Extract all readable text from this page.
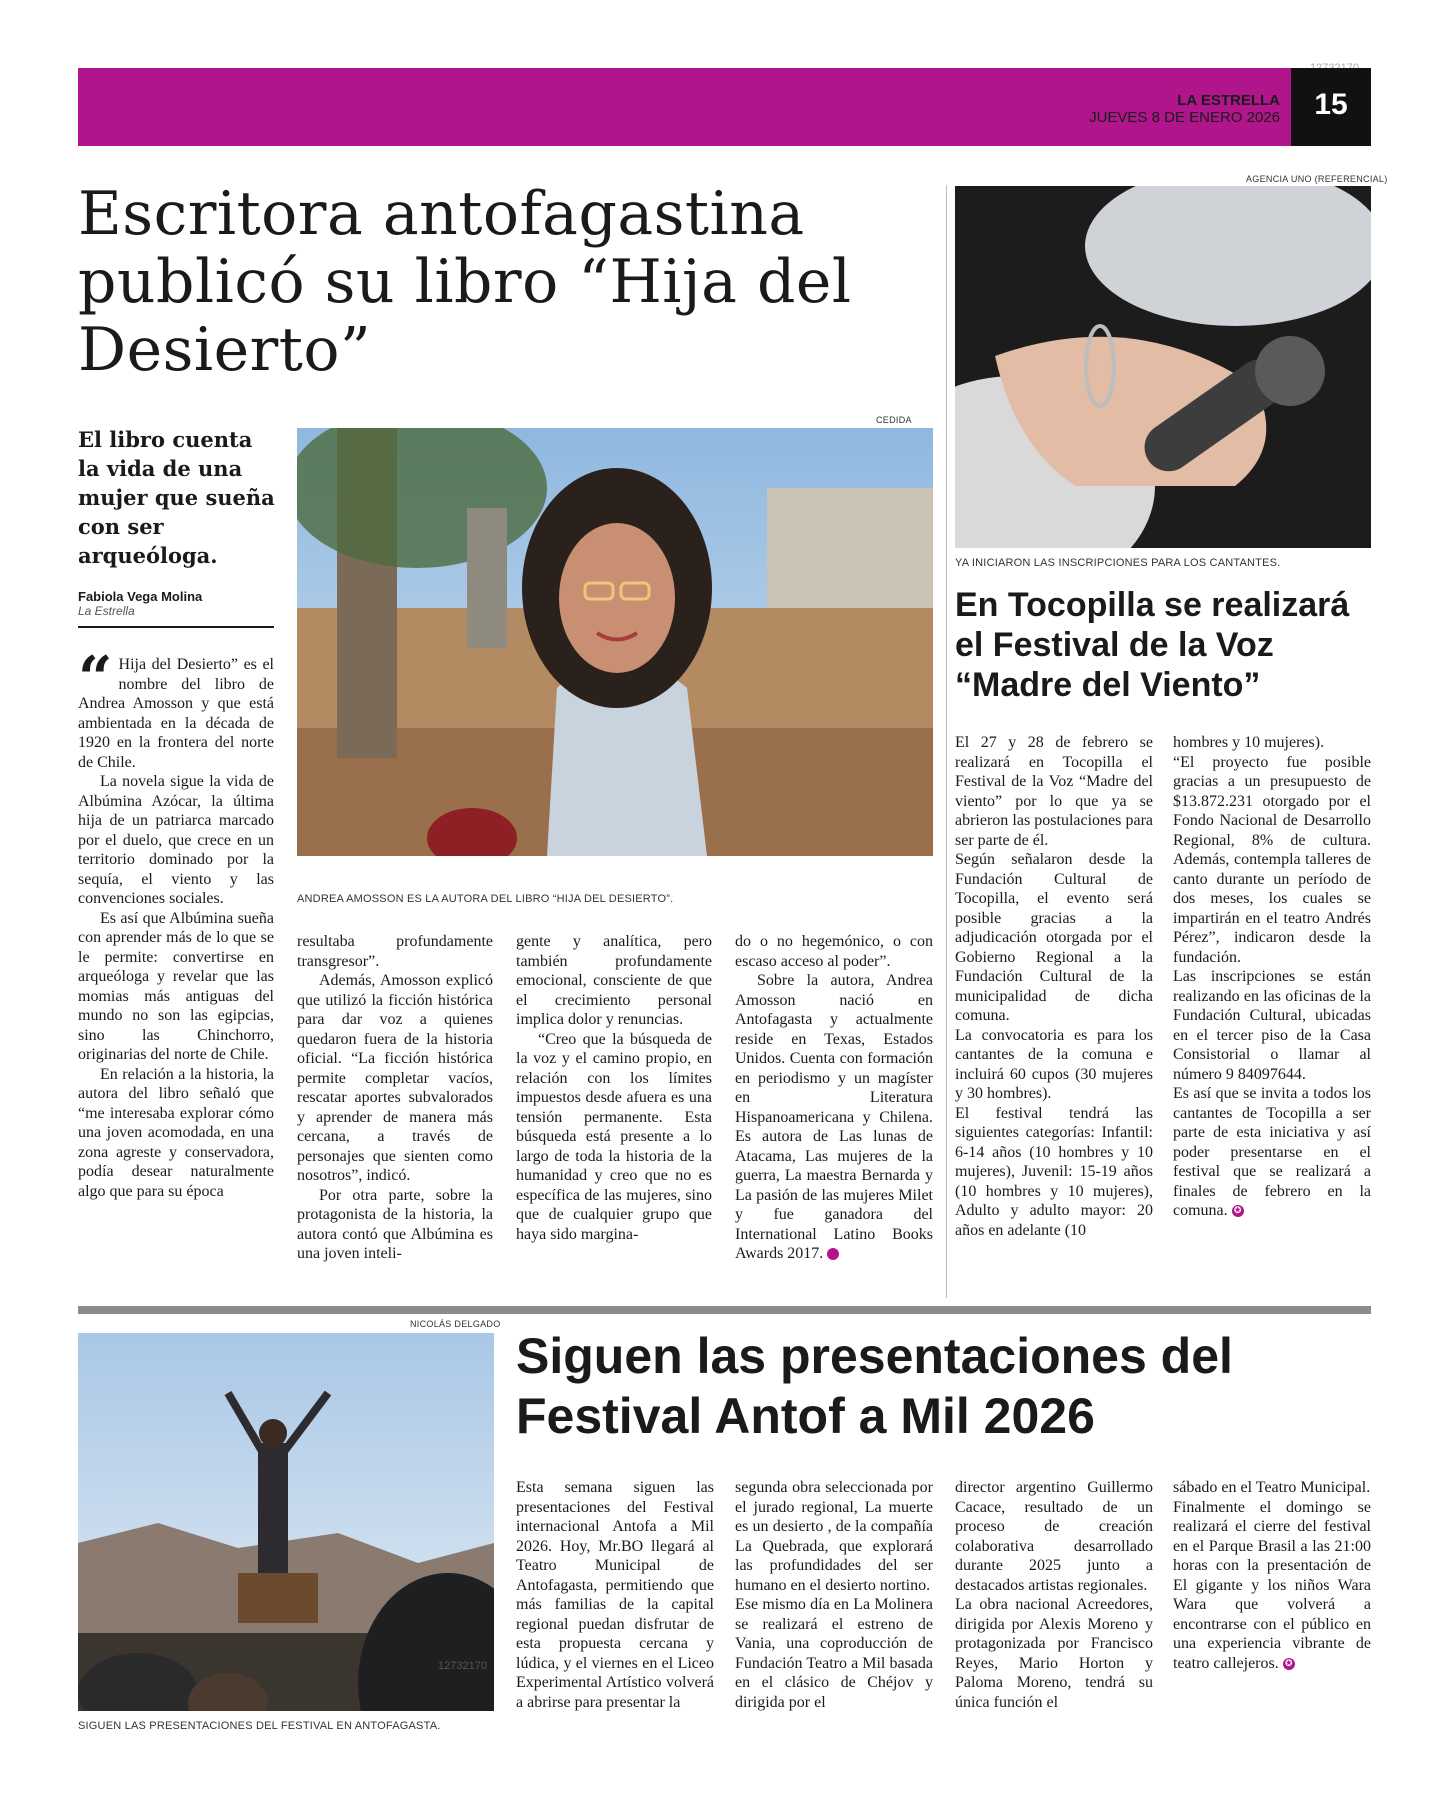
LA ESTRELLA
JUEVES 8 DE ENERO 2026	15
Escritora antofagastina publicó su libro “Hija del Desierto”
El libro cuenta la vida de una mujer que sueña con ser arqueóloga.
Fabiola Vega Molina
La Estrella
CEDIDA
ANDREA AMOSSON ES LA AUTORA DEL LIBRO “HIJA DEL DESIERTO”.
“ Hija del Desierto” es el nombre del libro de Andrea Amosson y que está ambientada en la década de 1920 en la frontera del norte de Chile.

La novela sigue la vida de Albúmina Azócar, la última hija de un patriarca marcado por el duelo, que crece en un territorio dominado por la sequía, el viento y las convenciones sociales.

Es así que Albúmina sueña con aprender más de lo que se le permite: convertirse en arqueóloga y revelar que las momias más antiguas del mundo no son las egipcias, sino las Chinchorro, originarias del norte de Chile.

En relación a la historia, la autora del libro señaló que “me interesaba explorar cómo una joven acomodada, en una zona agreste y conservadora, podía desear naturalmente algo que para su época

resultaba profundamente transgresor”.

Además, Amosson explicó que utilizó la ficción histórica para dar voz a quienes quedaron fuera de la historia oficial. “La ficción histórica permite completar vacíos, rescatar aportes subvalorados y aprender de manera más cercana, a través de personajes que sienten como nosotros”, indicó.

Por otra parte, sobre la protagonista de la historia, la autora contó que Albúmina es una joven inteli-

gente y analítica, pero también profundamente emocional, consciente de que el crecimiento personal implica dolor y renuncias.

“Creo que la búsqueda de la voz y el camino propio, en relación con los límites impuestos desde afuera es una tensión permanente. Esta búsqueda está presente a lo largo de toda la historia de la humanidad y creo que no es específica de las mujeres, sino que de cualquier grupo que haya sido margina-

do o no hegemónico, o con escaso acceso al poder”.

Sobre la autora, Andrea Amosson nació en Antofagasta y actualmente reside en Texas, Estados Unidos. Cuenta con formación en periodismo y un magíster en Literatura Hispanoamericana y Chilena. Es autora de Las lunas de Atacama, Las mujeres de la guerra, La maestra Bernarda y La pasión de las mujeres Milet y fue ganadora del International Latino Books Awards 2017.	✪

AGENCIA UNO (REFERENCIAL)
YA INICIARON LAS INSCRIPCIONES PARA LOS CANTANTES.
En Tocopilla se realizará el Festival de la Voz “Madre del Viento”

El 27 y 28 de febrero se realizará en Tocopilla el Festival de la Voz “Madre del viento” por lo que ya se abrieron las postulaciones para ser parte de él.

Según señalaron desde la Fundación Cultural de Tocopilla, el evento será posible gracias a la adjudicación otorgada por el Gobierno Regional a la Fundación Cultural de la municipalidad de dicha comuna.

La convocatoria es para los cantantes de la comuna e incluirá 60 cupos (30 mujeres y 30 hombres).

El festival tendrá las siguientes categorías: Infantil: 6-14 años (10 hombres y 10 mujeres), Juvenil: 15-19 años (10 hombres y 10 mujeres), Adulto y adulto mayor: 20 años en adelante (10

hombres y 10 mujeres).

“El proyecto fue posible gracias a un presupuesto de $13.872.231 otorgado por el Fondo Nacional de Desarrollo Regional, 8% de cultura. Además, contempla talleres de canto durante un período de dos meses, los cuales se impartirán en el teatro Andrés Pérez”, indicaron desde la fundación.

Las inscripciones se están realizando en las oficinas de la Fundación Cultural, ubicadas en el tercer piso de la Casa Consistorial o llamar al número 9 84097644.

Es así que se invita a todos los cantantes de Tocopilla a ser parte de esta iniciativa y así poder presentarse en el festival que se realizará a finales de febrero en la comuna. ✪

NICOLÁS DELGADO
12732170
SIGUEN LAS PRESENTACIONES DEL FESTIVAL EN ANTOFAGASTA.
Siguen las presentaciones del Festival Antof a Mil 2026

Esta semana siguen las presentaciones del Festival internacional Antofa a Mil 2026. Hoy, Mr.BO llegará al Teatro Municipal de Antofagasta, permitiendo que más familias de la capital regional puedan disfrutar de esta propuesta cercana y lúdica, y el viernes en el Liceo Experimental Artístico volverá a abrirse para presentar la

segunda obra seleccionada por el jurado regional, La muerte es un desierto , de la compañía La Quebrada, que explorará las profundidades del ser humano en el desierto nortino.

Ese mismo día en La Molinera se realizará el estreno de Vania, una coproducción de Fundación Teatro a Mil basada en el clásico de Chéjov y dirigida por el

director argentino Guillermo Cacace, resultado de un proceso de creación colaborativa desarrollado durante 2025 junto a destacados artistas regionales.

La obra nacional Acreedores, dirigida por Alexis Moreno y protagonizada por Francisco Reyes, Mario Horton y Paloma Moreno, tendrá su única función el

sábado en el Teatro Municipal.

Finalmente el domingo se realizará el cierre del festival en el Parque Brasil a las 21:00 horas con la presentación de El gigante y los niños Wara Wara que volverá a encontrarse con el público en una experiencia vibrante de teatro callejeros. ✪
